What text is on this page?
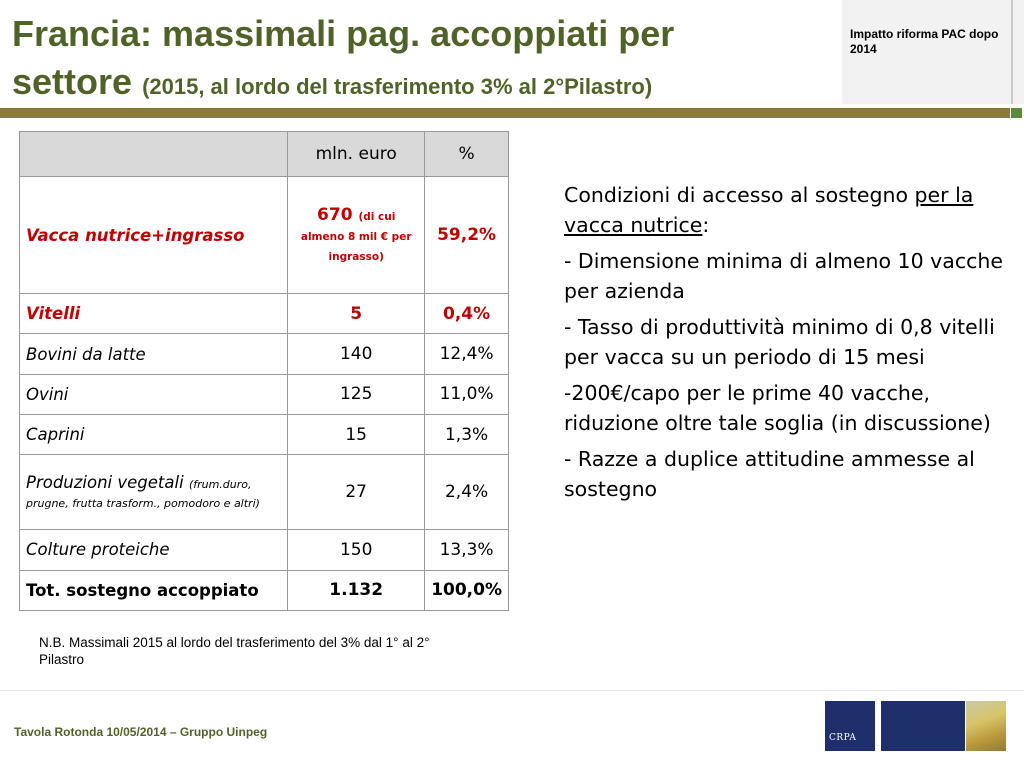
Francia: massimali pag. accoppiati per
settore (2015, al lordo del trasferimento 3% al 2°Pilastro)
Impatto riforma PAC dopo 2014
	mln. euro	%
Vacca nutrice+ingrasso	670 (di cui almeno 8 mil € per ingrasso)	59,2%
Vitelli	5	0,4%
Bovini da latte	140	12,4%
Ovini	125	11,0%
Caprini	15	1,3%
Produzioni vegetali (frum.duro, prugne, frutta trasform., pomodoro e altri)	27	2,4%
Colture proteiche	150	13,3%
Tot. sostegno accoppiato	1.132	100,0%

Condizioni di accesso al sostegno per la vacca nutrice:

- Dimensione minima di almeno 10 vacche per azienda

- Tasso di produttività minimo di 0,8 vitelli per vacca su un periodo di 15 mesi

-200€/capo per le prime 40 vacche, riduzione oltre tale soglia (in discussione)

- Razze a duplice attitudine ammesse al sostegno

N.B. Massimali 2015 al lordo del trasferimento del 3% dal 1° al 2° Pilastro
Tavola Rotonda 10/05/2014 – Gruppo Uinpeg	CRPA
